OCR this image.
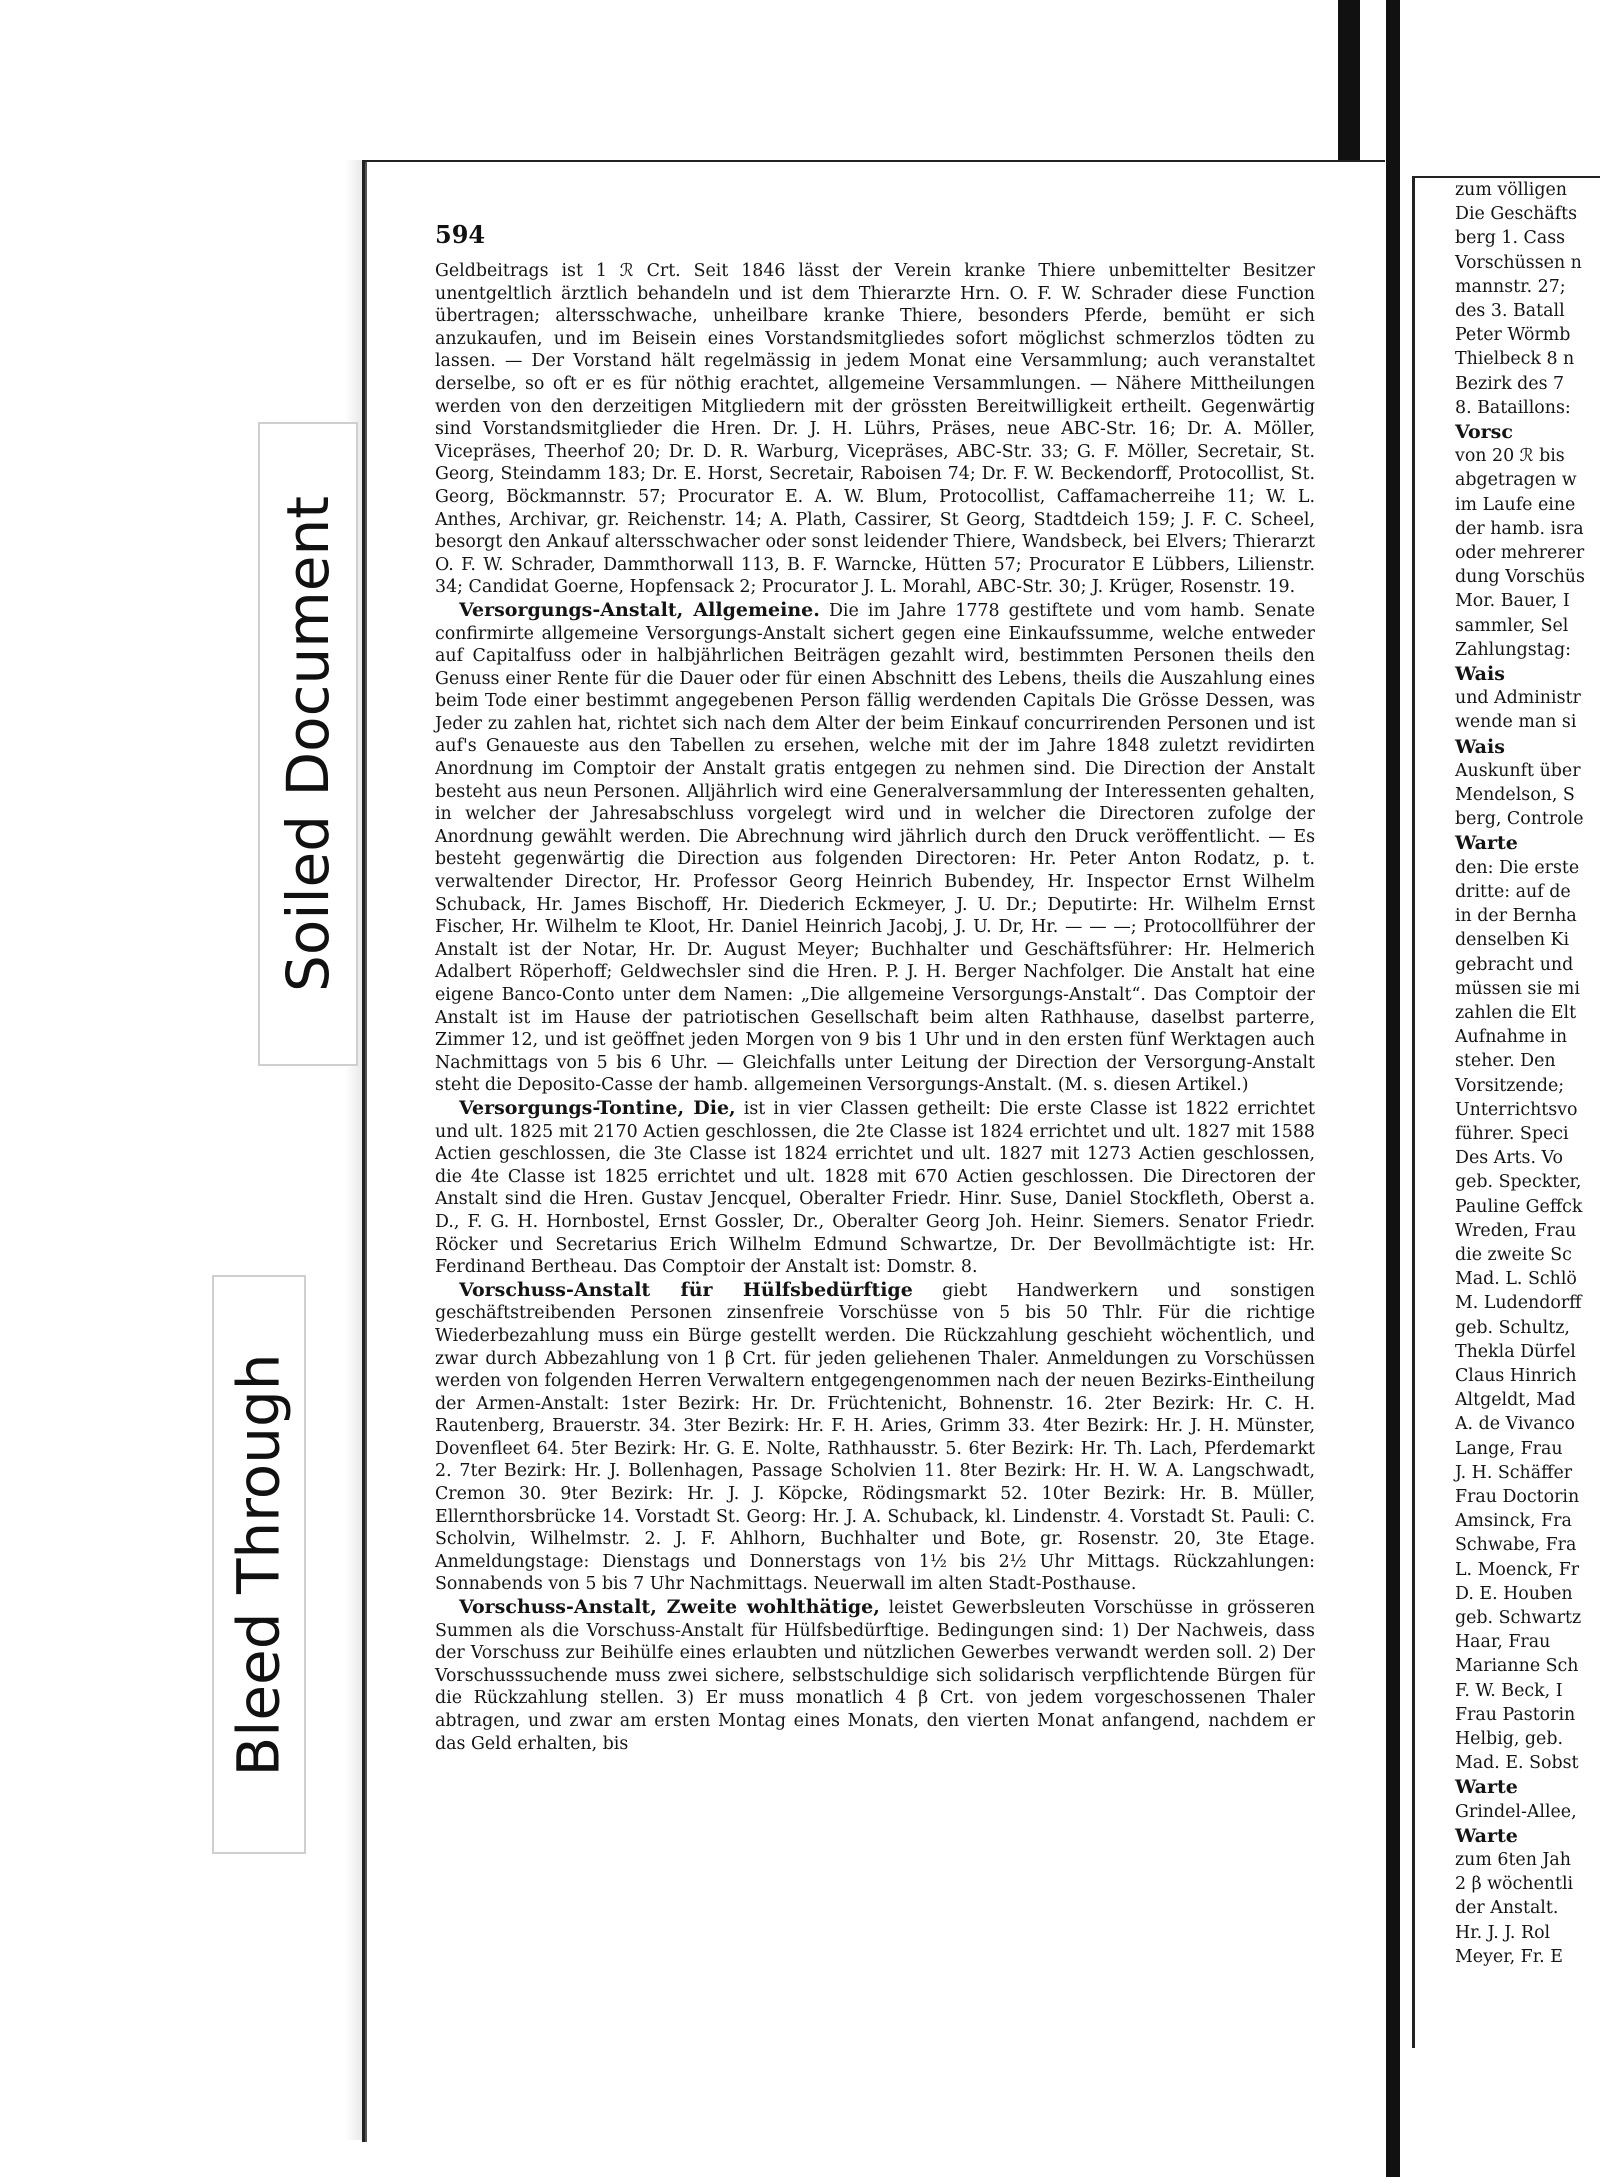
594

Geldbeitrags ist 1 ℛ Crt. Seit 1846 lässt der Verein kranke Thiere unbemittelter Besitzer unentgeltlich ärztlich behandeln und ist dem Thierarzte Hrn. O. F. W. Schrader diese Function übertragen; altersschwache, unheilbare kranke Thiere, besonders Pferde, bemüht er sich anzukaufen, und im Beisein eines Vorstandsmitgliedes sofort möglichst schmerzlos tödten zu lassen. — Der Vorstand hält regelmässig in jedem Monat eine Versammlung; auch veranstaltet derselbe, so oft er es für nöthig erachtet, allgemeine Versammlungen. — Nähere Mittheilungen werden von den derzeitigen Mitgliedern mit der grössten Bereitwilligkeit ertheilt. Gegenwärtig sind Vorstandsmitglieder die Hren. Dr. J. H. Lührs, Präses, neue ABC-Str. 16; Dr. A. Möller, Vicepräses, Theerhof 20; Dr. D. R. Warburg, Vicepräses, ABC-Str. 33; G. F. Möller, Secretair, St. Georg, Steindamm 183; Dr. E. Horst, Secretair, Raboisen 74; Dr. F. W. Beckendorff, Protocollist, St. Georg, Böckmannstr. 57; Procurator E. A. W. Blum, Protocollist, Caffamacherreihe 11; W. L. Anthes, Archivar, gr. Reichenstr. 14; A. Plath, Cassirer, St Georg, Stadtdeich 159; J. F. C. Scheel, besorgt den Ankauf altersschwacher oder sonst leidender Thiere, Wandsbeck, bei Elvers; Thierarzt O. F. W. Schrader, Dammthorwall 113, B. F. Warncke, Hütten 57; Procurator E Lübbers, Lilienstr. 34; Candidat Goerne, Hopfensack 2; Procurator J. L. Morahl, ABC-Str. 30; J. Krüger, Rosenstr. 19.

Versorgungs-Anstalt, Allgemeine. Die im Jahre 1778 gestiftete und vom hamb. Senate confirmirte allgemeine Versorgungs-Anstalt sichert gegen eine Einkaufssumme, welche entweder auf Capitalfuss oder in halbjährlichen Beiträgen gezahlt wird, bestimmten Personen theils den Genuss einer Rente für die Dauer oder für einen Abschnitt des Lebens, theils die Auszahlung eines beim Tode einer bestimmt angegebenen Person fällig werdenden Capitals Die Grösse Dessen, was Jeder zu zahlen hat, richtet sich nach dem Alter der beim Einkauf concurrirenden Personen und ist auf's Genaueste aus den Tabellen zu ersehen, welche mit der im Jahre 1848 zuletzt revidirten Anordnung im Comptoir der Anstalt gratis entgegen zu nehmen sind. Die Direction der Anstalt besteht aus neun Personen. Alljährlich wird eine Generalversammlung der Interessenten gehalten, in welcher der Jahresabschluss vorgelegt wird und in welcher die Directoren zufolge der Anordnung gewählt werden. Die Abrechnung wird jährlich durch den Druck veröffentlicht. — Es besteht gegenwärtig die Direction aus folgenden Directoren: Hr. Peter Anton Rodatz, p. t. verwaltender Director, Hr. Professor Georg Heinrich Bubendey, Hr. Inspector Ernst Wilhelm Schuback, Hr. James Bischoff, Hr. Diederich Eckmeyer, J. U. Dr.; Deputirte: Hr. Wilhelm Ernst Fischer, Hr. Wilhelm te Kloot, Hr. Daniel Heinrich Jacobj, J. U. Dr, Hr. — — —; Protocollführer der Anstalt ist der Notar, Hr. Dr. August Meyer; Buchhalter und Geschäftsführer: Hr. Helmerich Adalbert Röperhoff; Geldwechsler sind die Hren. P. J. H. Berger Nachfolger. Die Anstalt hat eine eigene Banco-Conto unter dem Namen: „Die allgemeine Versorgungs-Anstalt“. Das Comptoir der Anstalt ist im Hause der patriotischen Gesellschaft beim alten Rathhause, daselbst parterre, Zimmer 12, und ist geöffnet jeden Morgen von 9 bis 1 Uhr und in den ersten fünf Werktagen auch Nachmittags von 5 bis 6 Uhr. — Gleichfalls unter Leitung der Direction der Versorgung-Anstalt steht die Deposito-Casse der hamb. allgemeinen Versorgungs-Anstalt. (M. s. diesen Artikel.)

Versorgungs-Tontine, Die, ist in vier Classen getheilt: Die erste Classe ist 1822 errichtet und ult. 1825 mit 2170 Actien geschlossen, die 2te Classe ist 1824 errichtet und ult. 1827 mit 1588 Actien geschlossen, die 3te Classe ist 1824 errichtet und ult. 1827 mit 1273 Actien geschlossen, die 4te Classe ist 1825 errichtet und ult. 1828 mit 670 Actien geschlossen. Die Directoren der Anstalt sind die Hren. Gustav Jencquel, Oberalter Friedr. Hinr. Suse, Daniel Stockfleth, Oberst a. D., F. G. H. Hornbostel, Ernst Gossler, Dr., Oberalter Georg Joh. Heinr. Siemers. Senator Friedr. Röcker und Secretarius Erich Wilhelm Edmund Schwartze, Dr. Der Bevollmächtigte ist: Hr. Ferdinand Bertheau. Das Comptoir der Anstalt ist: Domstr. 8.

Vorschuss-Anstalt für Hülfsbedürftige giebt Handwerkern und sonstigen geschäftstreibenden Personen zinsenfreie Vorschüsse von 5 bis 50 Thlr. Für die richtige Wiederbezahlung muss ein Bürge gestellt werden. Die Rückzahlung geschieht wöchentlich, und zwar durch Abbezahlung von 1 β Crt. für jeden geliehenen Thaler. Anmeldungen zu Vorschüssen werden von folgenden Herren Verwaltern entgegengenommen nach der neuen Bezirks-Eintheilung der Armen-Anstalt: 1ster Bezirk: Hr. Dr. Früchtenicht, Bohnenstr. 16. 2ter Bezirk: Hr. C. H. Rautenberg, Brauerstr. 34. 3ter Bezirk: Hr. F. H. Aries, Grimm 33. 4ter Bezirk: Hr. J. H. Münster, Dovenfleet 64. 5ter Bezirk: Hr. G. E. Nolte, Rathhausstr. 5. 6ter Bezirk: Hr. Th. Lach, Pferdemarkt 2. 7ter Bezirk: Hr. J. Bollenhagen, Passage Scholvien 11. 8ter Bezirk: Hr. H. W. A. Langschwadt, Cremon 30. 9ter Bezirk: Hr. J. J. Köpcke, Rödingsmarkt 52. 10ter Bezirk: Hr. B. Müller, Ellernthorsbrücke 14. Vorstadt St. Georg: Hr. J. A. Schuback, kl. Lindenstr. 4. Vorstadt St. Pauli: C. Scholvin, Wilhelmstr. 2. J. F. Ahlhorn, Buchhalter und Bote, gr. Rosenstr. 20, 3te Etage. Anmeldungstage: Dienstags und Donnerstags von 1½ bis 2½ Uhr Mittags. Rückzahlungen: Sonnabends von 5 bis 7 Uhr Nachmittags. Neuerwall im alten Stadt-Posthause.

Vorschuss-Anstalt, Zweite wohlthätige, leistet Gewerbsleuten Vorschüsse in grösseren Summen als die Vorschuss-Anstalt für Hülfsbedürftige. Bedingungen sind: 1) Der Nachweis, dass der Vorschuss zur Beihülfe eines erlaubten und nützlichen Gewerbes verwandt werden soll. 2) Der Vorschusssuchende muss zwei sichere, selbstschuldige sich solidarisch verpflichtende Bürgen für die Rückzahlung stellen. 3) Er muss monatlich 4 β Crt. von jedem vorgeschossenen Thaler abtragen, und zwar am ersten Montag eines Monats, den vierten Monat anfangend, nachdem er das Geld erhalten, bis

zum völligen
Die Geschäfts
berg 1. Cass
Vorschüssen n
mannstr. 27;
des 3. Batall
Peter Wörmb
Thielbeck 8 n
Bezirk des 7
8. Bataillons:
Vorsc
von 20 ℛ bis
abgetragen w
im Laufe eine
der hamb. isra
oder mehrerer
dung Vorschüs
Mor. Bauer, I
sammler, Sel
Zahlungstag:
Wais
und Administr
wende man si
Wais
Auskunft über
Mendelson, S
berg, Controle
Warte
den: Die erste
dritte: auf de
in der Bernha
denselben Ki
gebracht und
müssen sie mi
zahlen die Elt
Aufnahme in
steher. Den
Vorsitzende;
Unterrichtsvo
führer. Speci
Des Arts. Vo
geb. Speckter,
Pauline Geffck
Wreden, Frau
die zweite Sc
Mad. L. Schlö
M. Ludendorff
geb. Schultz,
Thekla Dürfel
Claus Hinrich
Altgeldt, Mad
A. de Vivanco
Lange, Frau
J. H. Schäffer
Frau Doctorin
Amsinck, Fra
Schwabe, Fra
L. Moenck, Fr
D. E. Houben
geb. Schwartz
Haar, Frau
Marianne Sch
F. W. Beck, I
Frau Pastorin
Helbig, geb.
Mad. E. Sobst
Warte
Grindel-Allee,
Warte
zum 6ten Jah
2 β wöchentli
der Anstalt.
Hr. J. J. Rol
Meyer, Fr. E
Soiled Document
Bleed Through
